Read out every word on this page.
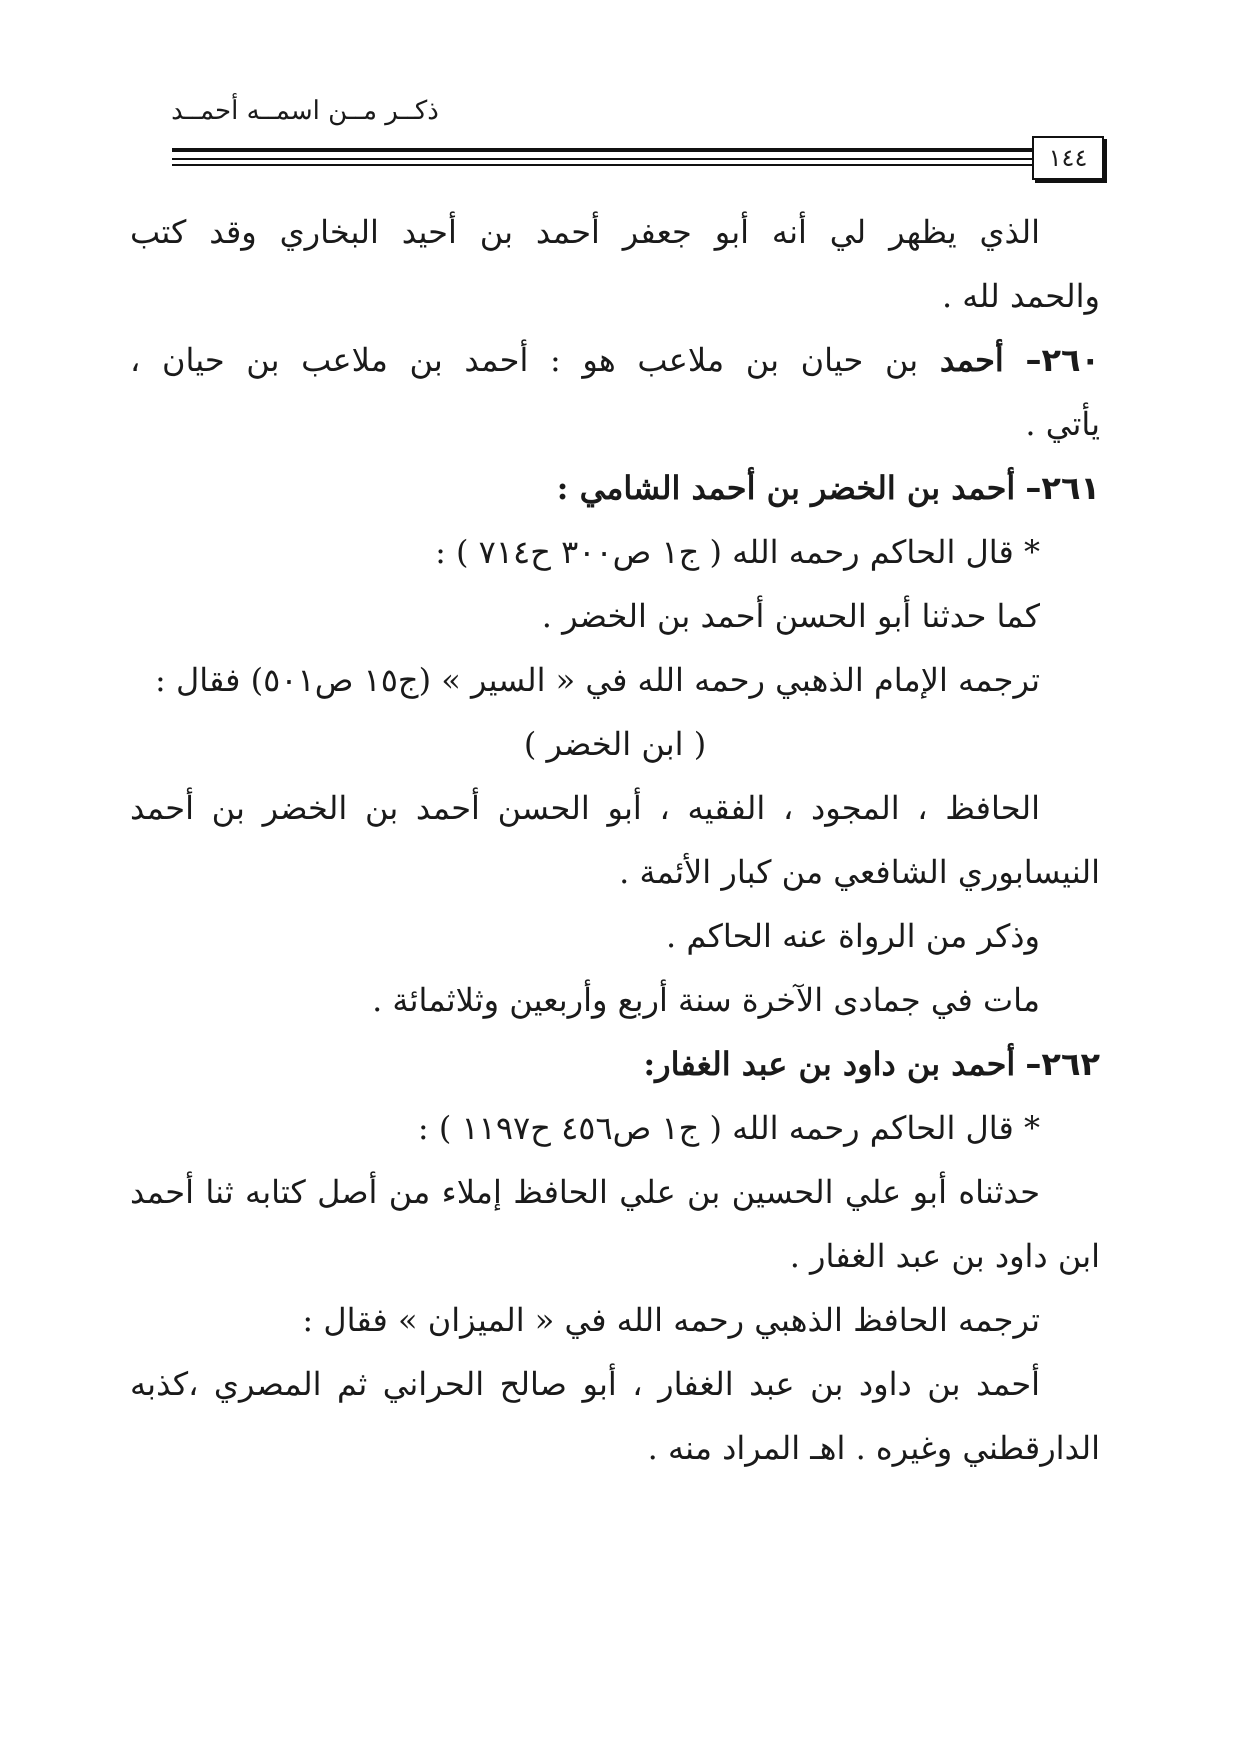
ذكــر مــن اسمــه أحمــد
١٤٤
الذي يظهر لي أنه أبو جعفر أحمد بن أحيد البخاري وقد كتب
والحمد لله .
٢٦٠– أحمد بن حيان بن ملاعب هو : أحمد بن ملاعب بن حيان ،
يأتي .
٢٦١– أحمد بن الخضر بن أحمد الشامي :
* قال الحاكم رحمه الله ( ج١ ص٣٠٠ ح٧١٤ ) :
كما حدثنا أبو الحسن أحمد بن الخضر .
ترجمه الإمام الذهبي رحمه الله في « السير » (ج١٥ ص٥٠١) فقال :
( ابن الخضر )
الحافظ ، المجود ، الفقيه ، أبو الحسن أحمد بن الخضر بن أحمد
النيسابوري الشافعي من كبار الأئمة .
وذكر من الرواة عنه الحاكم .
مات في جمادى الآخرة سنة أربع وأربعين وثلاثمائة .
٢٦٢– أحمد بن داود بن عبد الغفار:
* قال الحاكم رحمه الله ( ج١ ص٤٥٦ ح١١٩٧ ) :
حدثناه أبو علي الحسين بن علي الحافظ إملاء من أصل كتابه ثنا أحمد
ابن داود بن عبد الغفار .
ترجمه الحافظ الذهبي رحمه الله في « الميزان » فقال :
أحمد بن داود بن عبد الغفار ، أبو صالح الحراني ثم المصري ،كذبه
الدارقطني وغيره . اهـ المراد منه .
